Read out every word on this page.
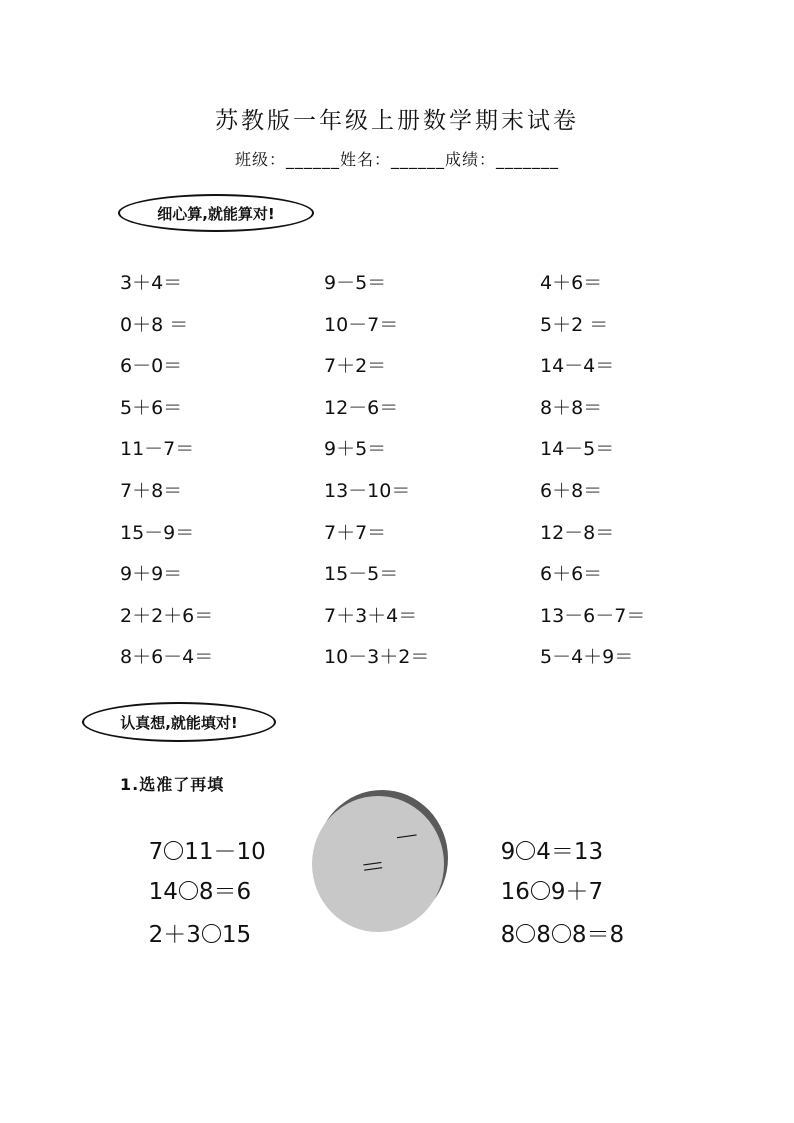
苏教版一年级上册数学期末试卷
班级：______姓名：______成绩：_______
细心算,就能算对!
3＋4＝
0＋8 ＝
6－0＝
5＋6＝
11－7＝
7＋8＝
15－9＝
9＋9＝
2＋2＋6＝
8＋6－4＝
9－5＝
10－7＝
7＋2＝
12－6＝
9＋5＝
13－10＝
7＋7＝
15－5＝
7＋3＋4＝
10－3＋2＝
4＋6＝
5＋2 ＝
14－4＝
8＋8＝
14－5＝
6＋8＝
12－8＝
6＋6＝
13－6－7＝
5－4＋9＝
认真想,就能填对!
1.选准了再填

7 11－10

14 8＝6

2＋3 15

－
＝	9 4＝13

16 9＋7

8 8 8＝8
